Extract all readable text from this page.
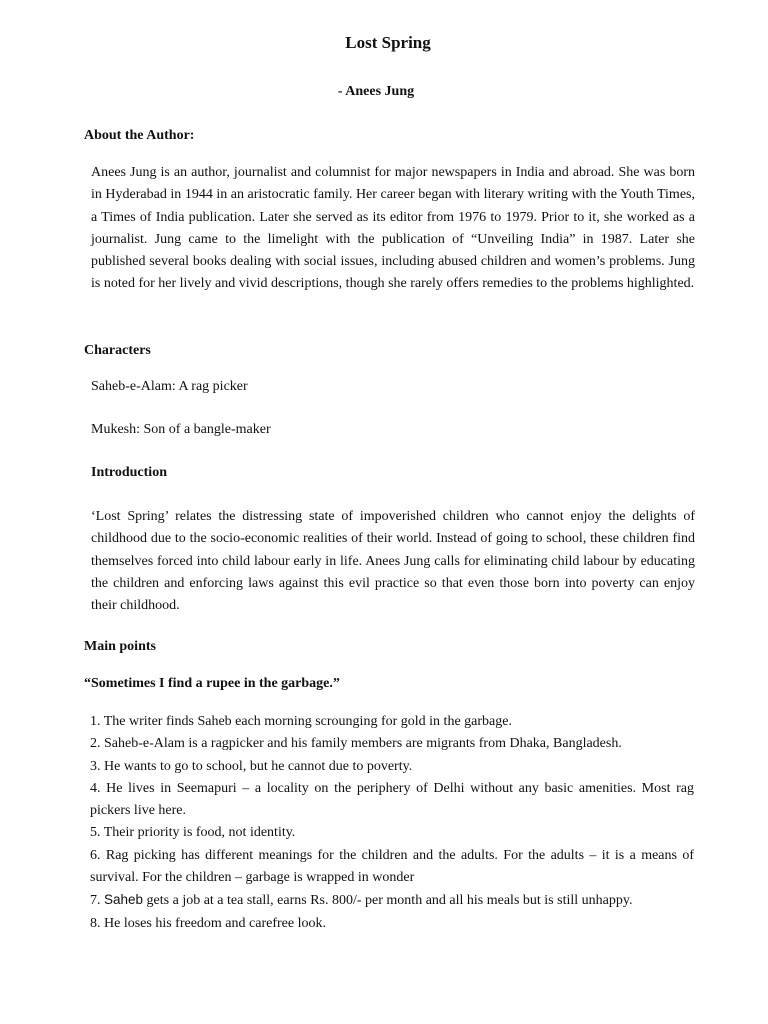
Lost Spring
- Anees Jung
About the Author:
Anees Jung is an author, journalist and columnist for major newspapers in India and abroad. She was born in Hyderabad in 1944 in an aristocratic family. Her career began with literary writing with the Youth Times, a Times of India publication. Later she served as its editor from 1976 to 1979. Prior to it, she worked as a journalist. Jung came to the limelight with the publication of “Unveiling India” in 1987. Later she published several books dealing with social issues, including abused children and women’s problems. Jung is noted for her lively and vivid descriptions, though she rarely offers remedies to the problems highlighted.
Characters
Saheb-e-Alam: A rag picker
Mukesh: Son of a bangle-maker
Introduction
‘Lost Spring’ relates the distressing state of impoverished children who cannot enjoy the delights of childhood due to the socio-economic realities of their world. Instead of going to school, these children find themselves forced into child labour early in life. Anees Jung calls for eliminating child labour by educating the children and enforcing laws against this evil practice so that even those born into poverty can enjoy their childhood.
Main points
“Sometimes I find a rupee in the garbage.”
1. The writer finds Saheb each morning scrounging for gold in the garbage.
2. Saheb-e-Alam is a ragpicker and his family members are migrants from Dhaka, Bangladesh.
3. He wants to go to school, but he cannot due to poverty.
4. He lives in Seemapuri – a locality on the periphery of Delhi without any basic amenities. Most rag pickers live here.
5. Their priority is food, not identity.
6. Rag picking has different meanings for the children and the adults. For the adults – it is a means of survival. For the children – garbage is wrapped in wonder
7. Saheb gets a job at a tea stall, earns Rs. 800/- per month and all his meals but is still unhappy.
8. He loses his freedom and carefree look.
